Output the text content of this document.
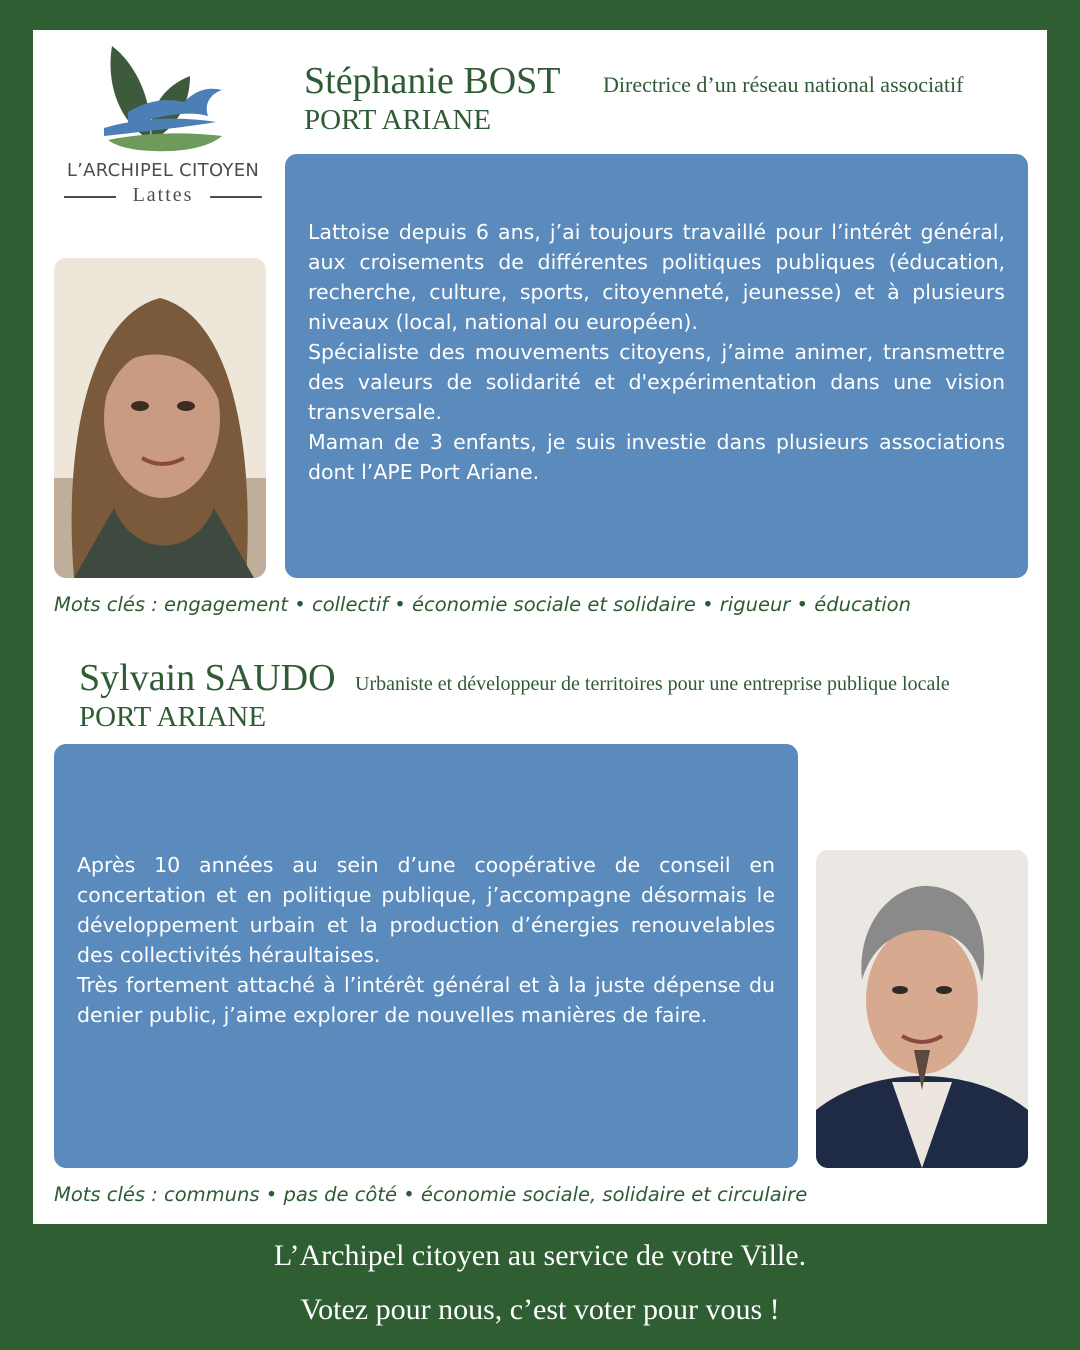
L’ARCHIPEL CITOYEN
Lattes
Stéphanie BOST
PORT ARIANE
Directrice d’un réseau national associatif

Lattoise depuis 6 ans, j’ai toujours travaillé pour l’intérêt général, aux croisements de différentes politiques publiques (éducation, recherche, culture, sports, citoyenneté, jeunesse) et à plusieurs niveaux (local, national ou européen).

Spécialiste des mouvements citoyens, j’aime animer, transmettre des valeurs de solidarité et d'expérimentation dans une vision transversale.

Maman de 3 enfants, je suis investie dans plusieurs associations dont l’APE Port Ariane.

Mots clés : engagement • collectif • économie sociale et solidaire • rigueur • éducation
Sylvain SAUDO
PORT ARIANE
Urbaniste et développeur de territoires pour une entreprise publique locale

Après 10 années au sein d’une coopérative de conseil en concertation et en politique publique, j’accompagne désormais le développement urbain et la production d’énergies renouvelables des collectivités héraultaises.

Très fortement attaché à l’intérêt général et à la juste dépense du denier public, j’aime explorer de nouvelles manières de faire.

Mots clés : communs • pas de côté • économie sociale, solidaire et circulaire
L’Archipel citoyen au service de votre Ville.
Votez pour nous, c’est voter pour vous !
